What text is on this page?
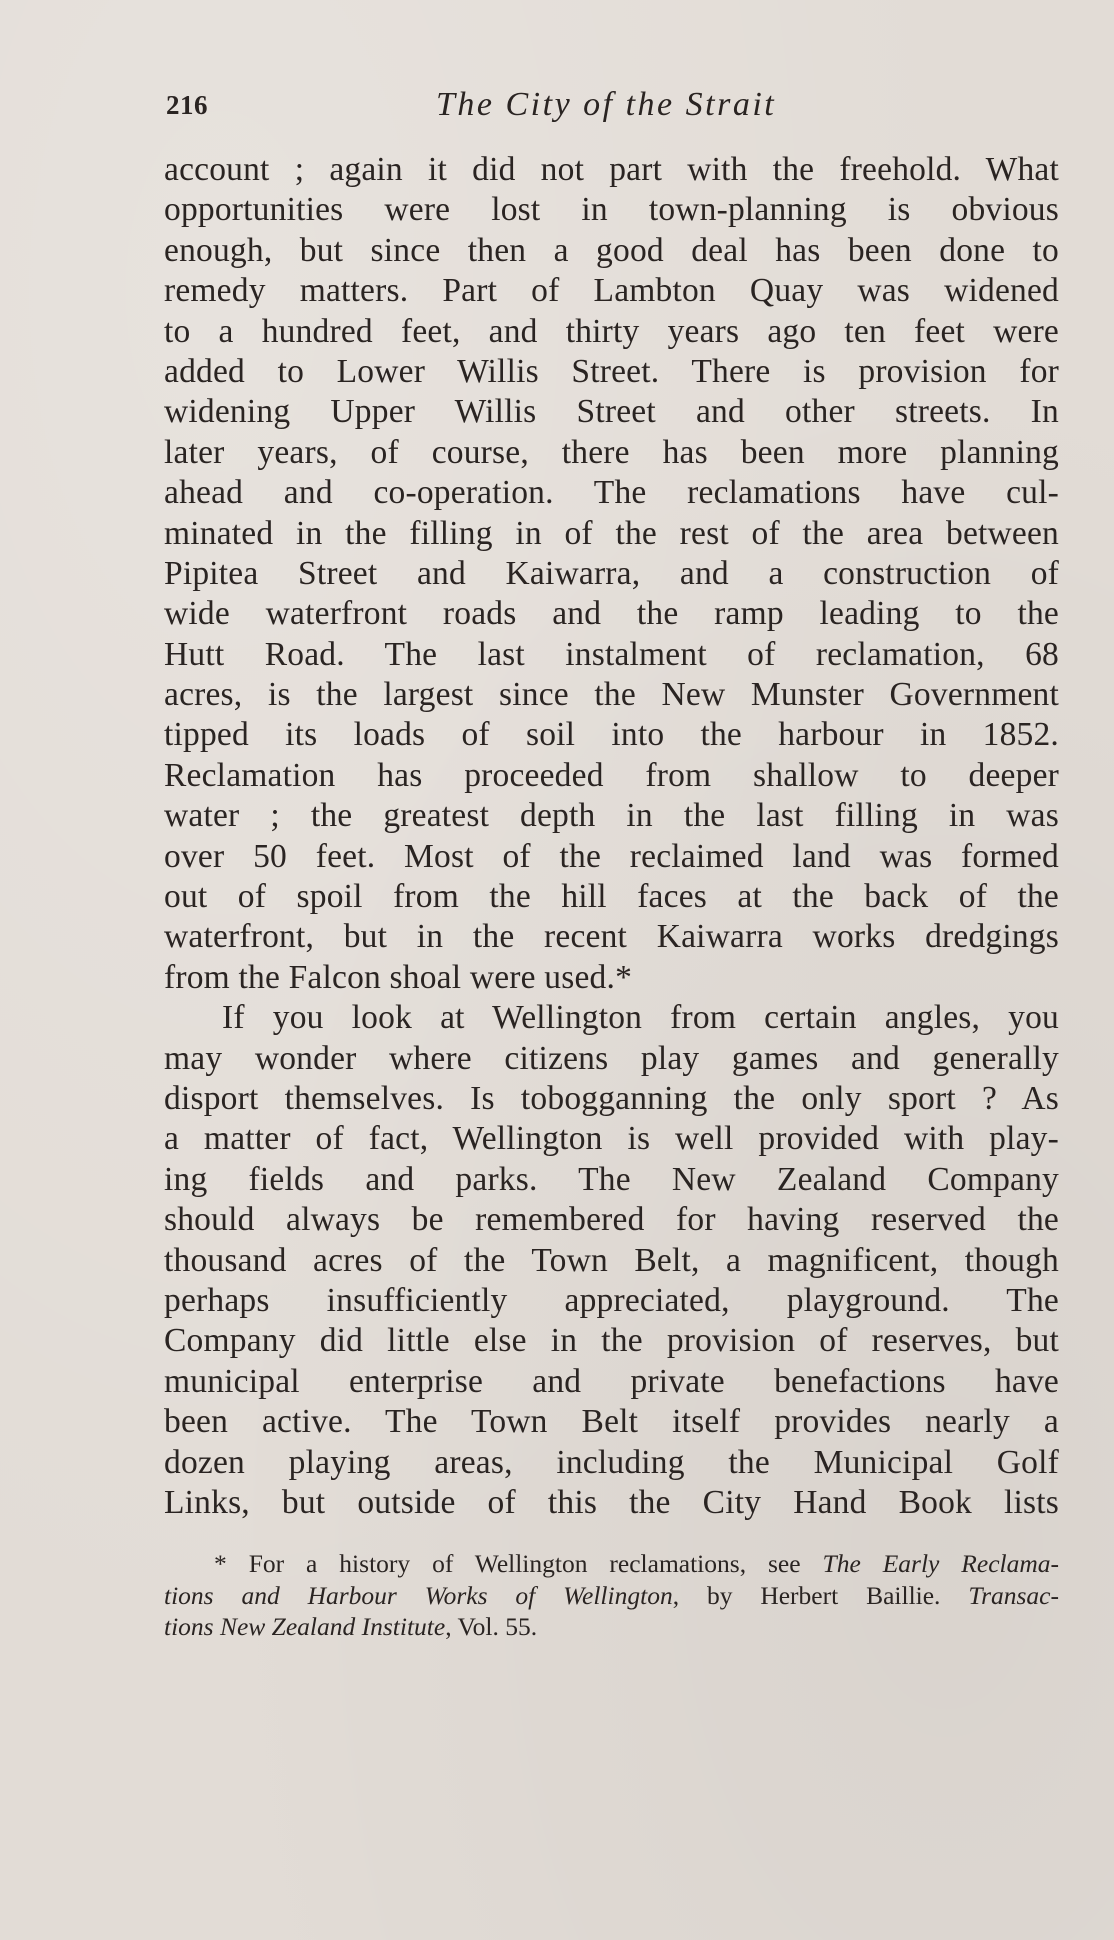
216	The City of the Strait
account ; again it did not part with the freehold. What
opportunities were lost in town-planning is obvious
enough, but since then a good deal has been done to
remedy matters. Part of Lambton Quay was widened
to a hundred feet, and thirty years ago ten feet were
added to Lower Willis Street. There is provision for
widening Upper Willis Street and other streets. In
later years, of course, there has been more planning
ahead and co-operation. The reclamations have cul-
minated in the filling in of the rest of the area between
Pipitea Street and Kaiwarra, and a construction of
wide waterfront roads and the ramp leading to the
Hutt Road. The last instalment of reclamation, 68
acres, is the largest since the New Munster Government
tipped its loads of soil into the harbour in 1852.
Reclamation has proceeded from shallow to deeper
water ; the greatest depth in the last filling in was
over 50 feet. Most of the reclaimed land was formed
out of spoil from the hill faces at the back of the
waterfront, but in the recent Kaiwarra works dredgings
from the Falcon shoal were used.*
If you look at Wellington from certain angles, you
may wonder where citizens play games and generally
disport themselves. Is tobogganning the only sport ? As
a matter of fact, Wellington is well provided with play-
ing fields and parks. The New Zealand Company
should always be remembered for having reserved the
thousand acres of the Town Belt, a magnificent, though
perhaps insufficiently appreciated, playground. The
Company did little else in the provision of reserves, but
municipal enterprise and private benefactions have
been active. The Town Belt itself provides nearly a
dozen playing areas, including the Municipal Golf
Links, but outside of this the City Hand Book lists
* For a history of Wellington reclamations, see The Early Reclama-
tions and Harbour Works of Wellington, by Herbert Baillie. Transac-
tions New Zealand Institute, Vol. 55.
